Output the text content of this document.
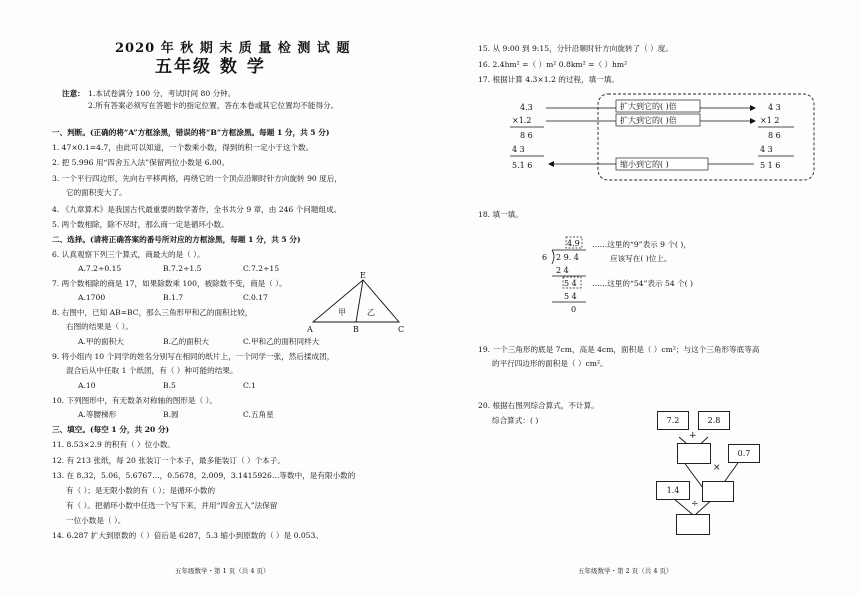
2020 年 秋 期 末 质 量 检 测 试 题
五年级 数 学
注意： 1.本试卷满分 100 分，考试时间 80 分钟。
2.所有答案必须写在答题卡的指定位置，答在本卷或其它位置均不能得分。
一、判断。(正确的将“A”方框涂黑，错误的将“B”方框涂黑。每题 1 分，共 5 分)
1. 47×0.1=4.7，由此可以知道，一个数乘小数，得到的积一定小于这个数。
2. 把 5.996 用“四舍五入法”保留两位小数是 6.00。
3. 一个平行四边形，先向右平移两格，再绕它的一个顶点沿顺时针方向旋转 90 度后，
它的面积变大了。
4. 《九章算术》是我国古代最重要的数学著作，全书共分 9 章，由 246 个问题组成。
5. 两个数相除，除不尽时，那么商一定是循环小数。
二、选择。(请将正确答案的番号所对应的方框涂黑，每题 1 分，共 5 分)
6. 认真观察下列三个算式，商最大的是（ ）。
A.7.2÷0.15	B.7.2÷1.5	C.7.2÷15
7. 两个数相除的商是 17，如果除数乘 100，被除数不变，商是（ ）。
A.1700	B.1.7	C.0.17
8. 右图中，已知 AB=BC，那么三角形甲和乙的面积比较，
右图的结果是（ ）。
A.甲的面积大	B.乙的面积大	C.甲和乙的面积同样大
E
甲	乙
A	B	C
9. 将小组内 10 个同学的姓名分别写在相同的纸片上，一个同学一张，然后揉成团，
混合后从中任取 1 个纸团，有（ ）种可能的结果。
A.10	B.5	C.1
10. 下列图形中，有无数条对称轴的图形是（ ）。
A.等腰梯形	B.圆	C.五角星
三、填空。(每空 1 分，共 20 分)
11. 8.53×2.9 的积有（ ）位小数。
12. 有 213 张纸，每 20 张装订一个本子，最多能装订（ ）个本子。
13. 在 8.32，5.06，5.6767…，0.5678，2.009，3.1415926…等数中，是有限小数的
有（ ）；是无限小数的有（ ）；是循环小数的
有（ ）。把循环小数中任选一个写下来，并用“四舍五入”法保留
一位小数是（ ）。
14. 6.287 扩大到原数的（ ）倍后是 6287，5.3 缩小到原数的（ ）是 0.053。
五年级数学・第 1 页（共 4 页）
15. 从 9:00 到 9:15，分针沿顺时针方向旋转了（ ）度。
16. 2.4hm² =（ ）m² 0.8km² =（ ）hm²
17. 根据计算 4.3×1.2 的过程，填一填。
4.3
×1.2
8 6
4 3
5.1 6
扩大到它的( )倍
扩大到它的( )倍
缩小到它的( )
4 3
×1 2
8 6
4 3
5 1 6
18. 填一填。
4.9
6 2 9. 4
2 4
5 4
5 4
0
……这里的“9”表示 9 个( )，
应该写在( )位上。
……这里的“54”表示 54 个( )
19. 一个三角形的底是 7cm，高是 4cm，面积是（ ）cm²；与这个三角形等底等高
的平行四边形的面积是（ ）cm²。
20. 根据右图列综合算式，不计算。
综合算式：( )	7.2	2.8
+
0.7
×
1.4
÷
五年级数学・第 2 页（共 4 页）
